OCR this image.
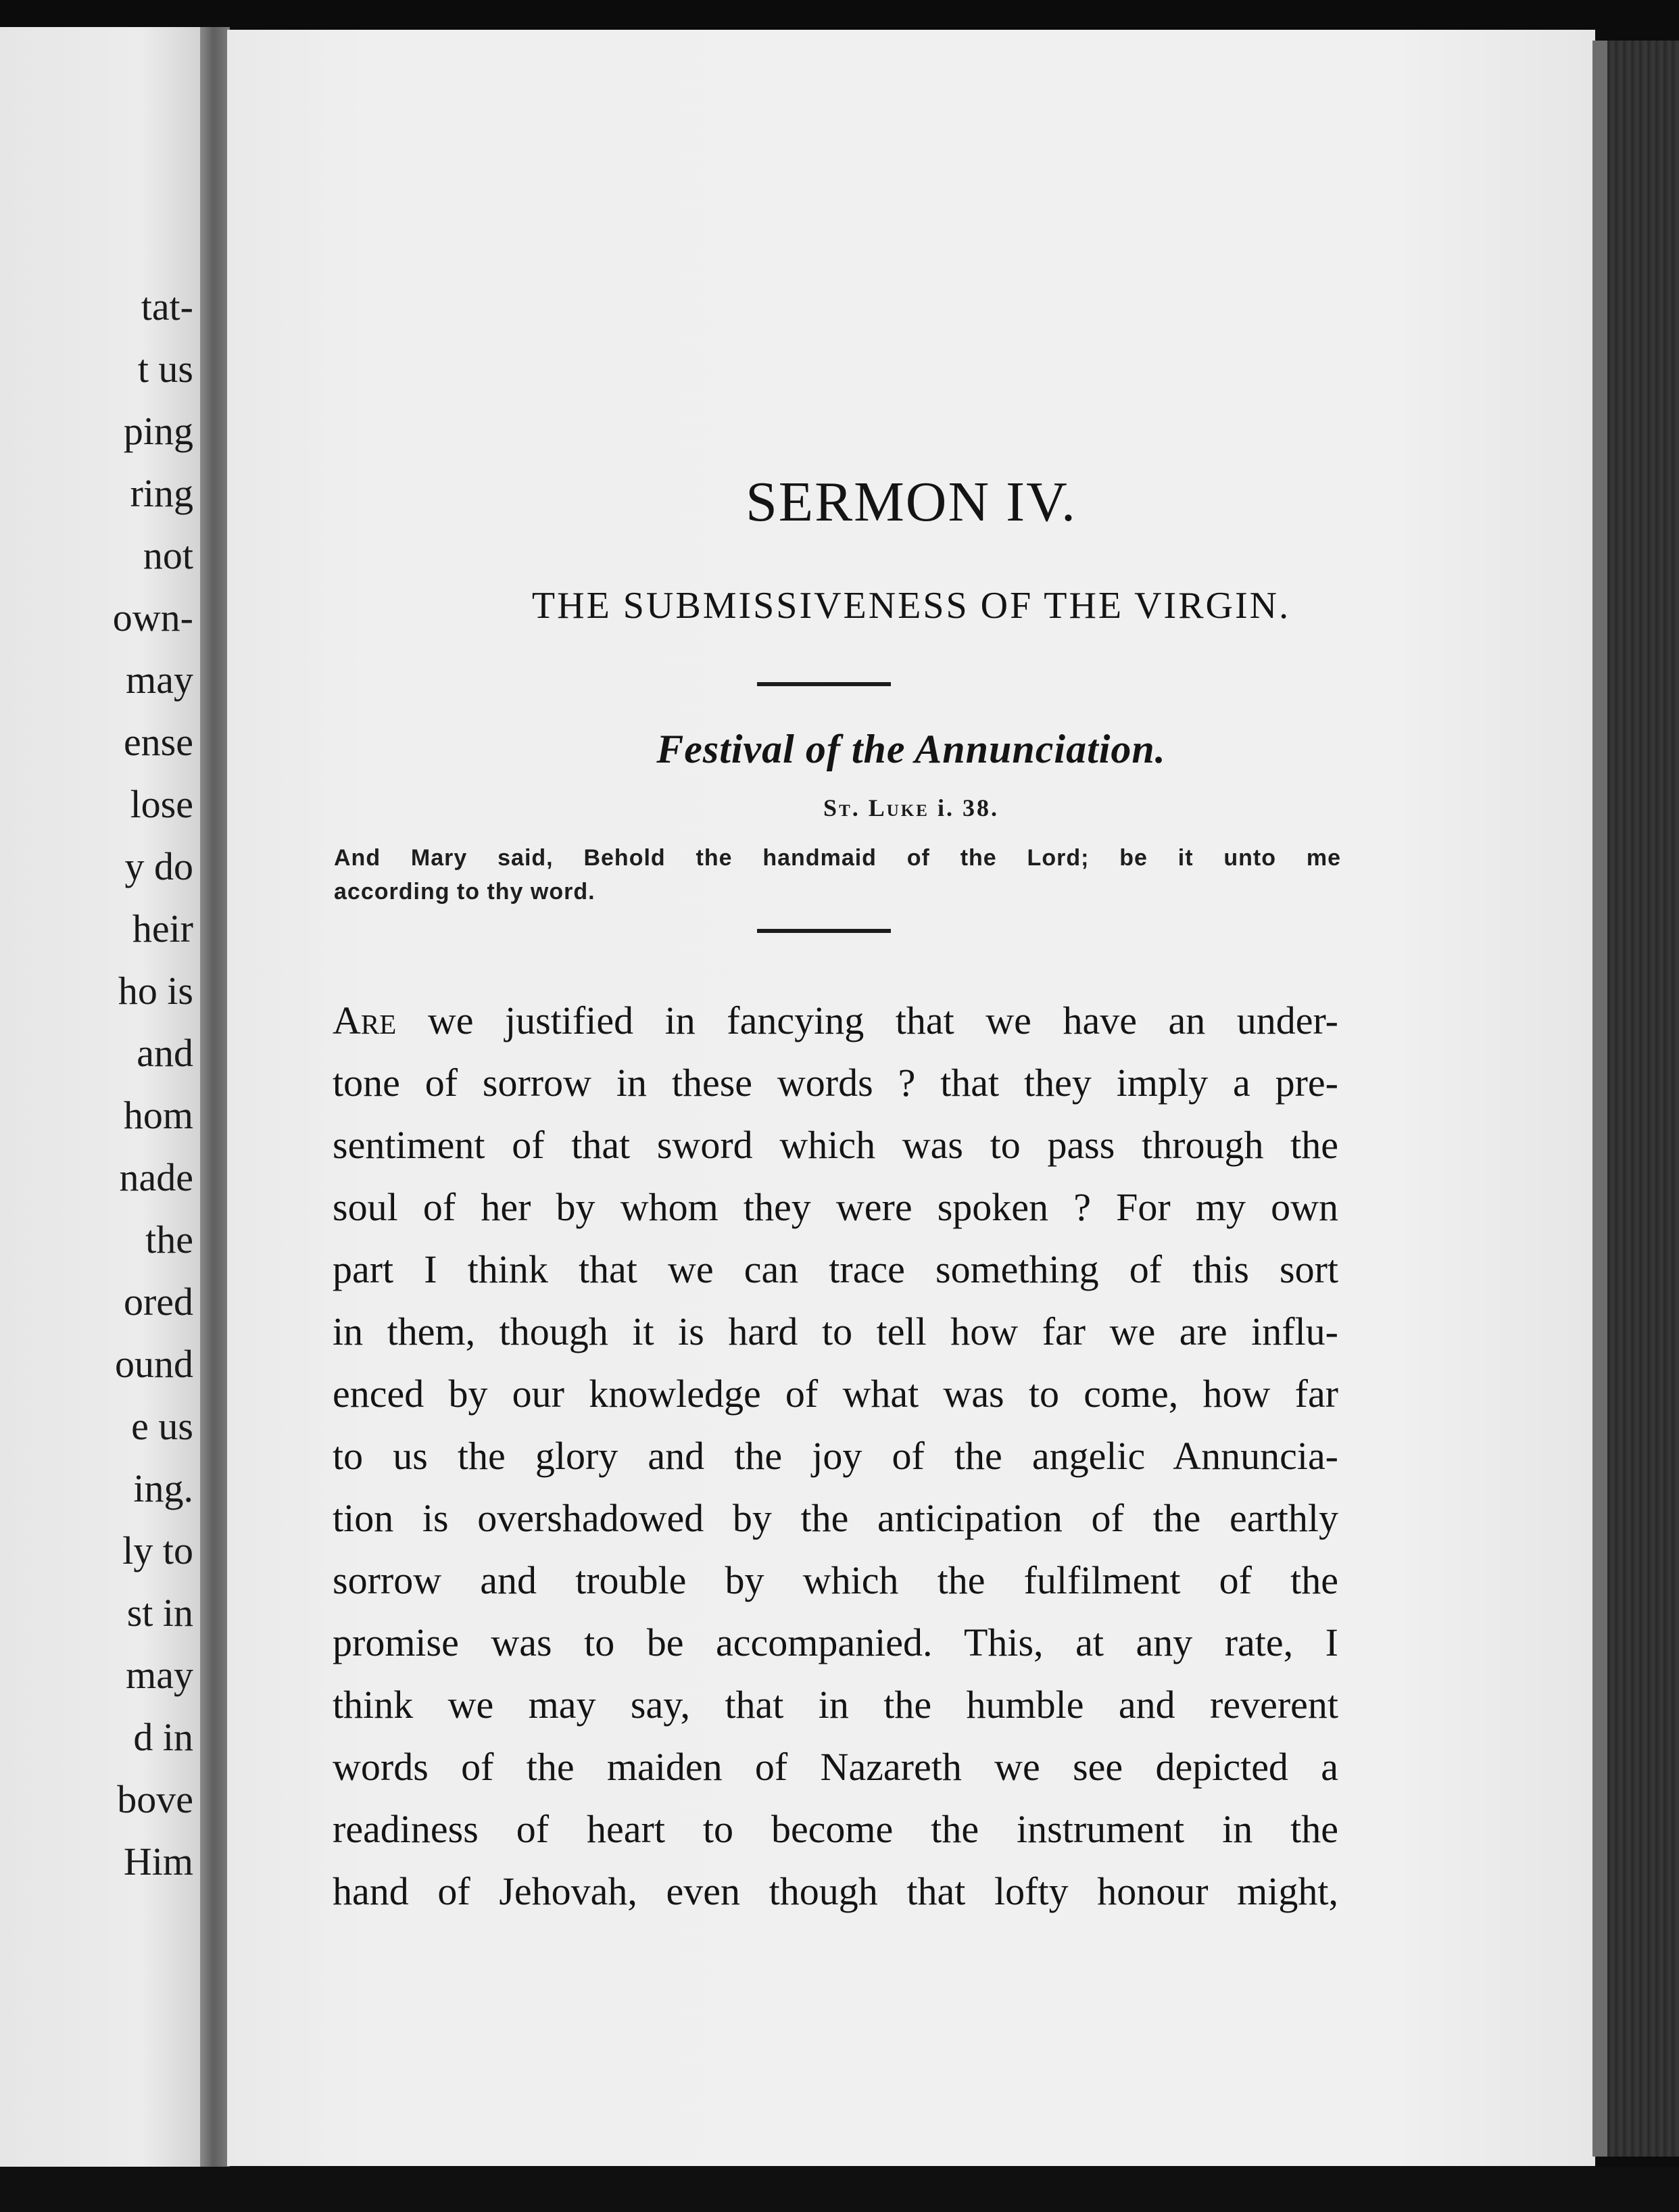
tat-
t us
ping
ring
not
own-
may
ense
lose
y do
heir
ho is
and
hom
nade
the
ored
ound
e us
ing.
ly to
st in
may
d in
bove
Him
SERMON IV.
THE SUBMISSIVENESS OF THE VIRGIN.
Festival of the Annunciation.
St. Luke i. 38.
And Mary said, Behold the handmaid of the Lord; be it unto me
according to thy word.
Are we justified in fancying that we have an under-
tone of sorrow in these words ? that they imply a pre-
sentiment of that sword which was to pass through the
soul of her by whom they were spoken ? For my own
part I think that we can trace something of this sort
in them, though it is hard to tell how far we are influ-
enced by our knowledge of what was to come, how far
to us the glory and the joy of the angelic Annuncia-
tion is overshadowed by the anticipation of the earthly
sorrow and trouble by which the fulfilment of the
promise was to be accompanied. This, at any rate, I
think we may say, that in the humble and reverent
words of the maiden of Nazareth we see depicted a
readiness of heart to become the instrument in the
hand of Jehovah, even though that lofty honour might,
